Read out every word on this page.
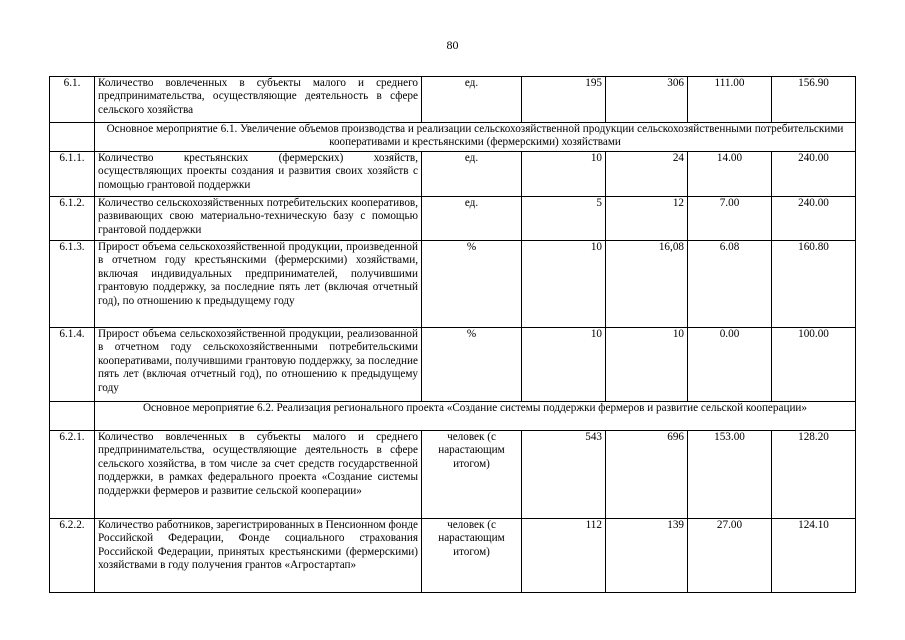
80
6.1.	Количество вовлеченных в субъекты малого и среднего предпринимательства, осуществляющие деятельность в сфере сельского хозяйства	ед.	195	306	111.00	156.90
	Основное мероприятие 6.1. Увеличение объемов производства и реализации сельскохозяйственной продукции сельскохозяйственными потребительскими кооперативами и крестьянскими (фермерскими) хозяйствами					
6.1.1.	Количество крестьянских (фермерских) хозяйств, осуществляющих проекты создания и развития своих хозяйств с помощью грантовой поддержки	ед.	10	24	14.00	240.00
6.1.2.	Количество сельскохозяйственных потребительских кооперативов, развивающих свою материально-техническую базу с помощью грантовой поддержки	ед.	5	12	7.00	240.00
6.1.3.	Прирост объема сельскохозяйственной продукции, произведенной в отчетном году крестьянскими (фермерскими) хозяйствами, включая индивидуальных предпринимателей, получившими грантовую поддержку, за последние пять лет (включая отчетный год), по отношению к предыдущему году	%	10	16,08	6.08	160.80
6.1.4.	Прирост объема сельскохозяйственной продукции, реализованной в отчетном году сельскохозяйственными потребительскими кооперативами, получившими грантовую поддержку, за последние пять лет (включая отчетный год), по отношению к предыдущему году	%	10	10	0.00	100.00
	Основное мероприятие 6.2. Реализация регионального проекта «Создание системы поддержки фермеров и развитие сельской кооперации»					
6.2.1.	Количество вовлеченных в субъекты малого и среднего предпринимательства, осуществляющие деятельность в сфере сельского хозяйства, в том числе за счет средств государственной поддержки, в рамках федерального проекта «Создание системы поддержки фермеров и развитие сельской кооперации»	человек (с нарастающим итогом)	543	696	153.00	128.20
6.2.2.	Количество работников, зарегистрированных в Пенсионном фонде Российской Федерации, Фонде социального страхования Российской Федерации, принятых крестьянскими (фермерскими) хозяйствами в году получения грантов «Агростартап»	человек (с нарастающим итогом)	112	139	27.00	124.10
